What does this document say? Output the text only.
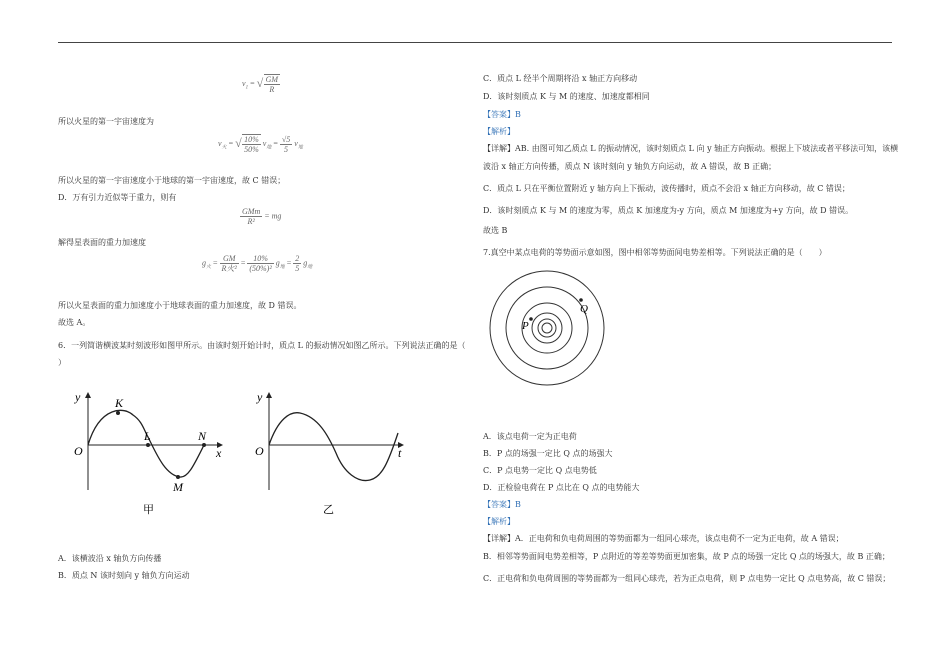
$v_1$ = √ $\frac{GM}{R}$
所以火星的第一宇宙速度为
$v_火$ = √ $\frac{10\%}{50\%} v_地 = \frac{√5}{5} v_地$
所以火星的第一宇宙速度小于地球的第一宇宙速度，故 C 错误；
D．万有引力近似等于重力，则有
$\frac{\text{GMm}}{\text{R²}}$ = mg
解得星表面的重力加速度
$g_火 = \frac{GM}{\text{R火²}} = \frac{10\%}{\text{(50\%)²}} g_地 = \frac{2}{5} g_地$
所以火星表面的重力加速度小于地球表面的重力加速度，故 D 错误。
故选 A。
6．一列简谐横波某时刻波形如图甲所示。由该时刻开始计时，质点 L 的振动情况如图乙所示。下列说法正确的是（
）
y	K
L	N
O	x
M
甲
y
O	t
乙
A．该横波沿 x 轴负方向传播
B．质点 N 该时刻向 y 轴负方向运动
C．质点 L 经半个周期将沿 x 轴正方向移动
D．该时刻质点 K 与 M 的速度、加速度都相同
【答案】B
【解析】
【详解】AB. 由图可知乙质点 L 的振动情况，该时刻质点 L 向 y 轴正方向振动。根据上下坡法或者平移法可知，该横
波沿 x 轴正方向传播，质点 N 该时刻向 y 轴负方向运动，故 A 错误，故 B 正确；
C．质点 L 只在平衡位置附近 y 轴方向上下振动，波传播时，质点不会沿 x 轴正方向移动，故 C 错误；
D．该时刻质点 K 与 M 的速度为零，质点 K 加速度为-y 方向，质点 M 加速度为+y 方向，故 D 错误。
故选 B
7.真空中某点电荷的等势面示意如图，图中相邻等势面间电势差相等。下列说法正确的是（　　）
P
Q
A．该点电荷一定为正电荷
B．P 点的场强一定比 Q 点的场强大
C．P 点电势一定比 Q 点电势低
D．正检验电荷在 P 点比在 Q 点的电势能大
【答案】B
【解析】
【详解】A．正电荷和负电荷周围的等势面都为一组同心球壳，该点电荷不一定为正电荷，故 A 错误；
B．相邻等势面间电势差相等，P 点附近的等差等势面更加密集，故 P 点的场强一定比 Q 点的场强大，故 B 正确；
C．正电荷和负电荷周围的等势面都为一组同心球壳，若为正点电荷，则 P 点电势一定比 Q 点电势高，故 C 错误；
